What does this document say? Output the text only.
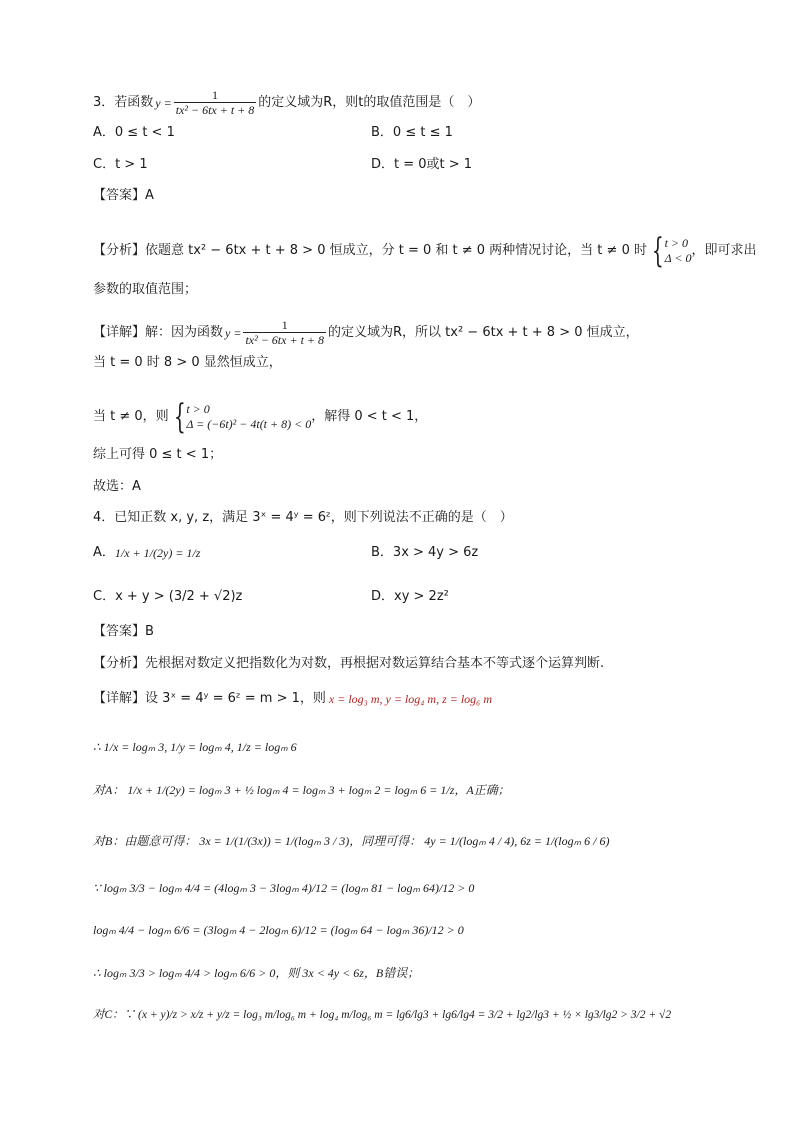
3．若函数 $y = \frac{1}{\text{tx² − 6tx + t + 8}}$ 的定义域为R，则t的取值范围是（　）
A．0 ≤ t < 1	B．0 ≤ t ≤ 1
C．t > 1	D．t = 0或t > 1
【答案】A
【分析】依题意 tx² − 6tx + t + 8 > 0 恒成立，分 t = 0 和 t ≠ 0 两种情况讨论，当 t ≠ 0 时 { t > 0
Δ < 0 ，即可求出
参数的取值范围；
【详解】解：因为函数 $y = \frac{1}{\text{tx² − 6tx + t + 8}}$ 的定义域为R，所以 tx² − 6tx + t + 8 > 0 恒成立，
当 t = 0 时 8 > 0 显然恒成立，
当 t ≠ 0，则 { t > 0
Δ = (−6t)² − 4t(t + 8) < 0 ，解得 0 < t < 1，
综上可得 0 ≤ t < 1；
故选：A
4．已知正数 x, y, z，满足 3ˣ = 4ʸ = 6ᶻ，则下列说法不正确的是（　）
A． 1/x + 1/(2y) = 1/z	B．3x > 4y > 6z
C．x + y > (3/2 + √2)z	D．xy > 2z²
【答案】B
【分析】先根据对数定义把指数化为对数，再根据对数运算结合基本不等式逐个运算判断.
【详解】设 3ˣ = 4ʸ = 6ᶻ = m > 1，则 x = log₃ m, y = log₄ m, z = log₆ m
∴ 1/x = logₘ 3, 1/y = logₘ 4, 1/z = logₘ 6
对A： 1/x + 1/(2y) = logₘ 3 + ½ logₘ 4 = logₘ 3 + logₘ 2 = logₘ 6 = 1/z，A正确；
对B：由题意可得： 3x = 1/(1/(3x)) = 1/(logₘ 3 / 3)，同理可得： 4y = 1/(logₘ 4 / 4), 6z = 1/(logₘ 6 / 6)
∵ logₘ 3/3 − logₘ 4/4 = (4logₘ 3 − 3logₘ 4)/12 = (logₘ 81 − logₘ 64)/12 > 0
logₘ 4/4 − logₘ 6/6 = (3logₘ 4 − 2logₘ 6)/12 = (logₘ 64 − logₘ 36)/12 > 0
∴ logₘ 3/3 > logₘ 4/4 > logₘ 6/6 > 0，则 3x < 4y < 6z，B错误；
对C：∵ (x + y)/z > x/z + y/z = log₃ m/log₆ m + log₄ m/log₆ m = lg6/lg3 + lg6/lg4 = 3/2 + lg2/lg3 + ½ × lg3/lg2 > 3/2 + √2
